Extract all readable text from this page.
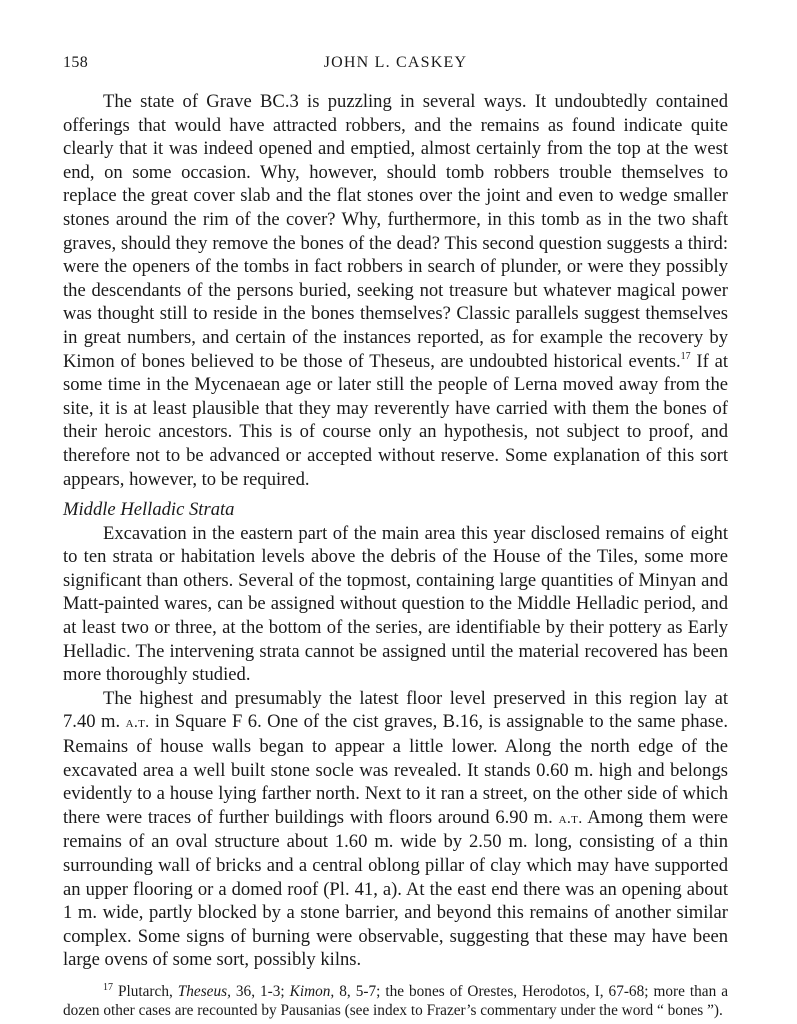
158	JOHN L. CASKEY

The state of Grave BC.3 is puzzling in several ways. It undoubtedly contained offerings that would have attracted robbers, and the remains as found indicate quite clearly that it was indeed opened and emptied, almost certainly from the top at the west end, on some occasion. Why, however, should tomb robbers trouble themselves to replace the great cover slab and the flat stones over the joint and even to wedge smaller stones around the rim of the cover? Why, furthermore, in this tomb as in the two shaft graves, should they remove the bones of the dead? This second question suggests a third: were the openers of the tombs in fact robbers in search of plunder, or were they possibly the descendants of the persons buried, seeking not treasure but whatever magical power was thought still to reside in the bones themselves? Classic parallels suggest themselves in great numbers, and certain of the instances reported, as for example the recovery by Kimon of bones believed to be those of Theseus, are undoubted historical events.$^{17}$ If at some time in the Mycenaean age or later still the people of Lerna moved away from the site, it is at least plausible that they may reverently have carried with them the bones of their heroic ancestors. This is of course only an hypothesis, not subject to proof, and therefore not to be advanced or accepted without reserve. Some explanation of this sort appears, however, to be required.

Middle Helladic Strata

Excavation in the eastern part of the main area this year disclosed remains of eight to ten strata or habitation levels above the debris of the House of the Tiles, some more significant than others. Several of the topmost, containing large quantities of Minyan and Matt-painted wares, can be assigned without question to the Middle Helladic period, and at least two or three, at the bottom of the series, are identifiable by their pottery as Early Helladic. The intervening strata cannot be assigned until the material recovered has been more thoroughly studied.

The highest and presumably the latest floor level preserved in this region lay at 7.40 m. a.t. in Square F 6. One of the cist graves, B.16, is assignable to the same phase. Remains of house walls began to appear a little lower. Along the north edge of the excavated area a well built stone socle was revealed. It stands 0.60 m. high and belongs evidently to a house lying farther north. Next to it ran a street, on the other side of which there were traces of further buildings with floors around 6.90 m. a.t. Among them were remains of an oval structure about 1.60 m. wide by 2.50 m. long, consisting of a thin surrounding wall of bricks and a central oblong pillar of clay which may have supported an upper flooring or a domed roof (Pl. 41, a). At the east end there was an opening about 1 m. wide, partly blocked by a stone barrier, and beyond this remains of another similar complex. Some signs of burning were observable, suggesting that these may have been large ovens of some sort, possibly kilns.

$^{17}$ Plutarch, Theseus, 36, 1-3; Kimon, 8, 5-7; the bones of Orestes, Herodotos, I, 67-68; more than a dozen other cases are recounted by Pausanias (see index to Frazer’s commentary under the word “ bones ”).
